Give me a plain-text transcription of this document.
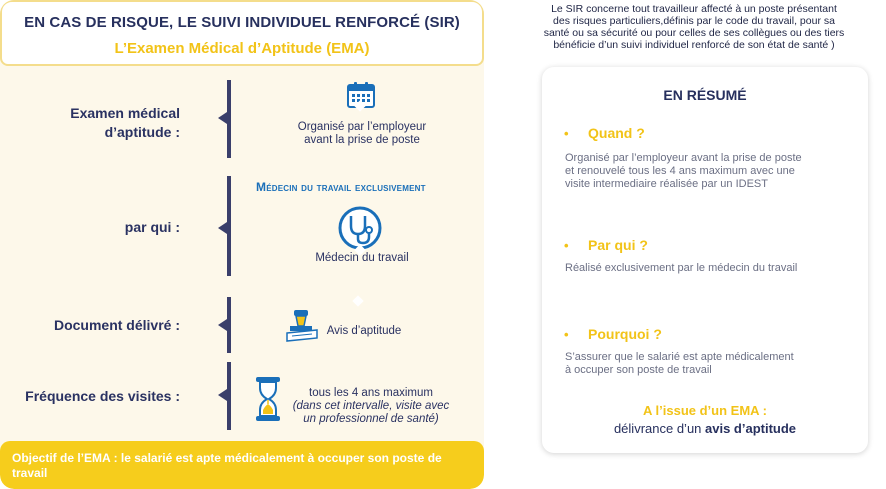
EN CAS DE RISQUE, LE SUIVI INDIVIDUEL RENFORCÉ (SIR)
L’Examen Médical d’Aptitude (EMA)
Examen médical
d’aptitude :	Organisé par l’employeur
avant la prise de poste
par qui :
Médecin du travail exclusivement
Médecin du travail
Document délivré :	Avis d’aptitude
Fréquence des visites :	tous les 4 ans maximum
(dans cet intervalle, visite avec
un professionnel de santé)
Objectif de l’EMA : le salarié est apte médicalement à occuper son poste de travail
Le SIR concerne tout travailleur affecté à un poste présentant
des risques particuliers,définis par le code du travail, pour sa
santé ou sa sécurité ou pour celles de ses collègues ou des tiers
bénéficie d’un suivi individuel renforcé de son état de santé )
EN RÉSUMÉ
• Quand ?
Organisé par l’employeur avant la prise de poste
et renouvelé tous les 4 ans maximum avec une
visite intermediaire réalisée par un IDEST
• Par qui ?
Réalisé exclusivement par le médecin du travail
• Pourquoi ?
S’assurer que le salarié est apte médicalement
à occuper son poste de travail
A l’issue d’un EMA :
délivrance d’un avis d’aptitude
